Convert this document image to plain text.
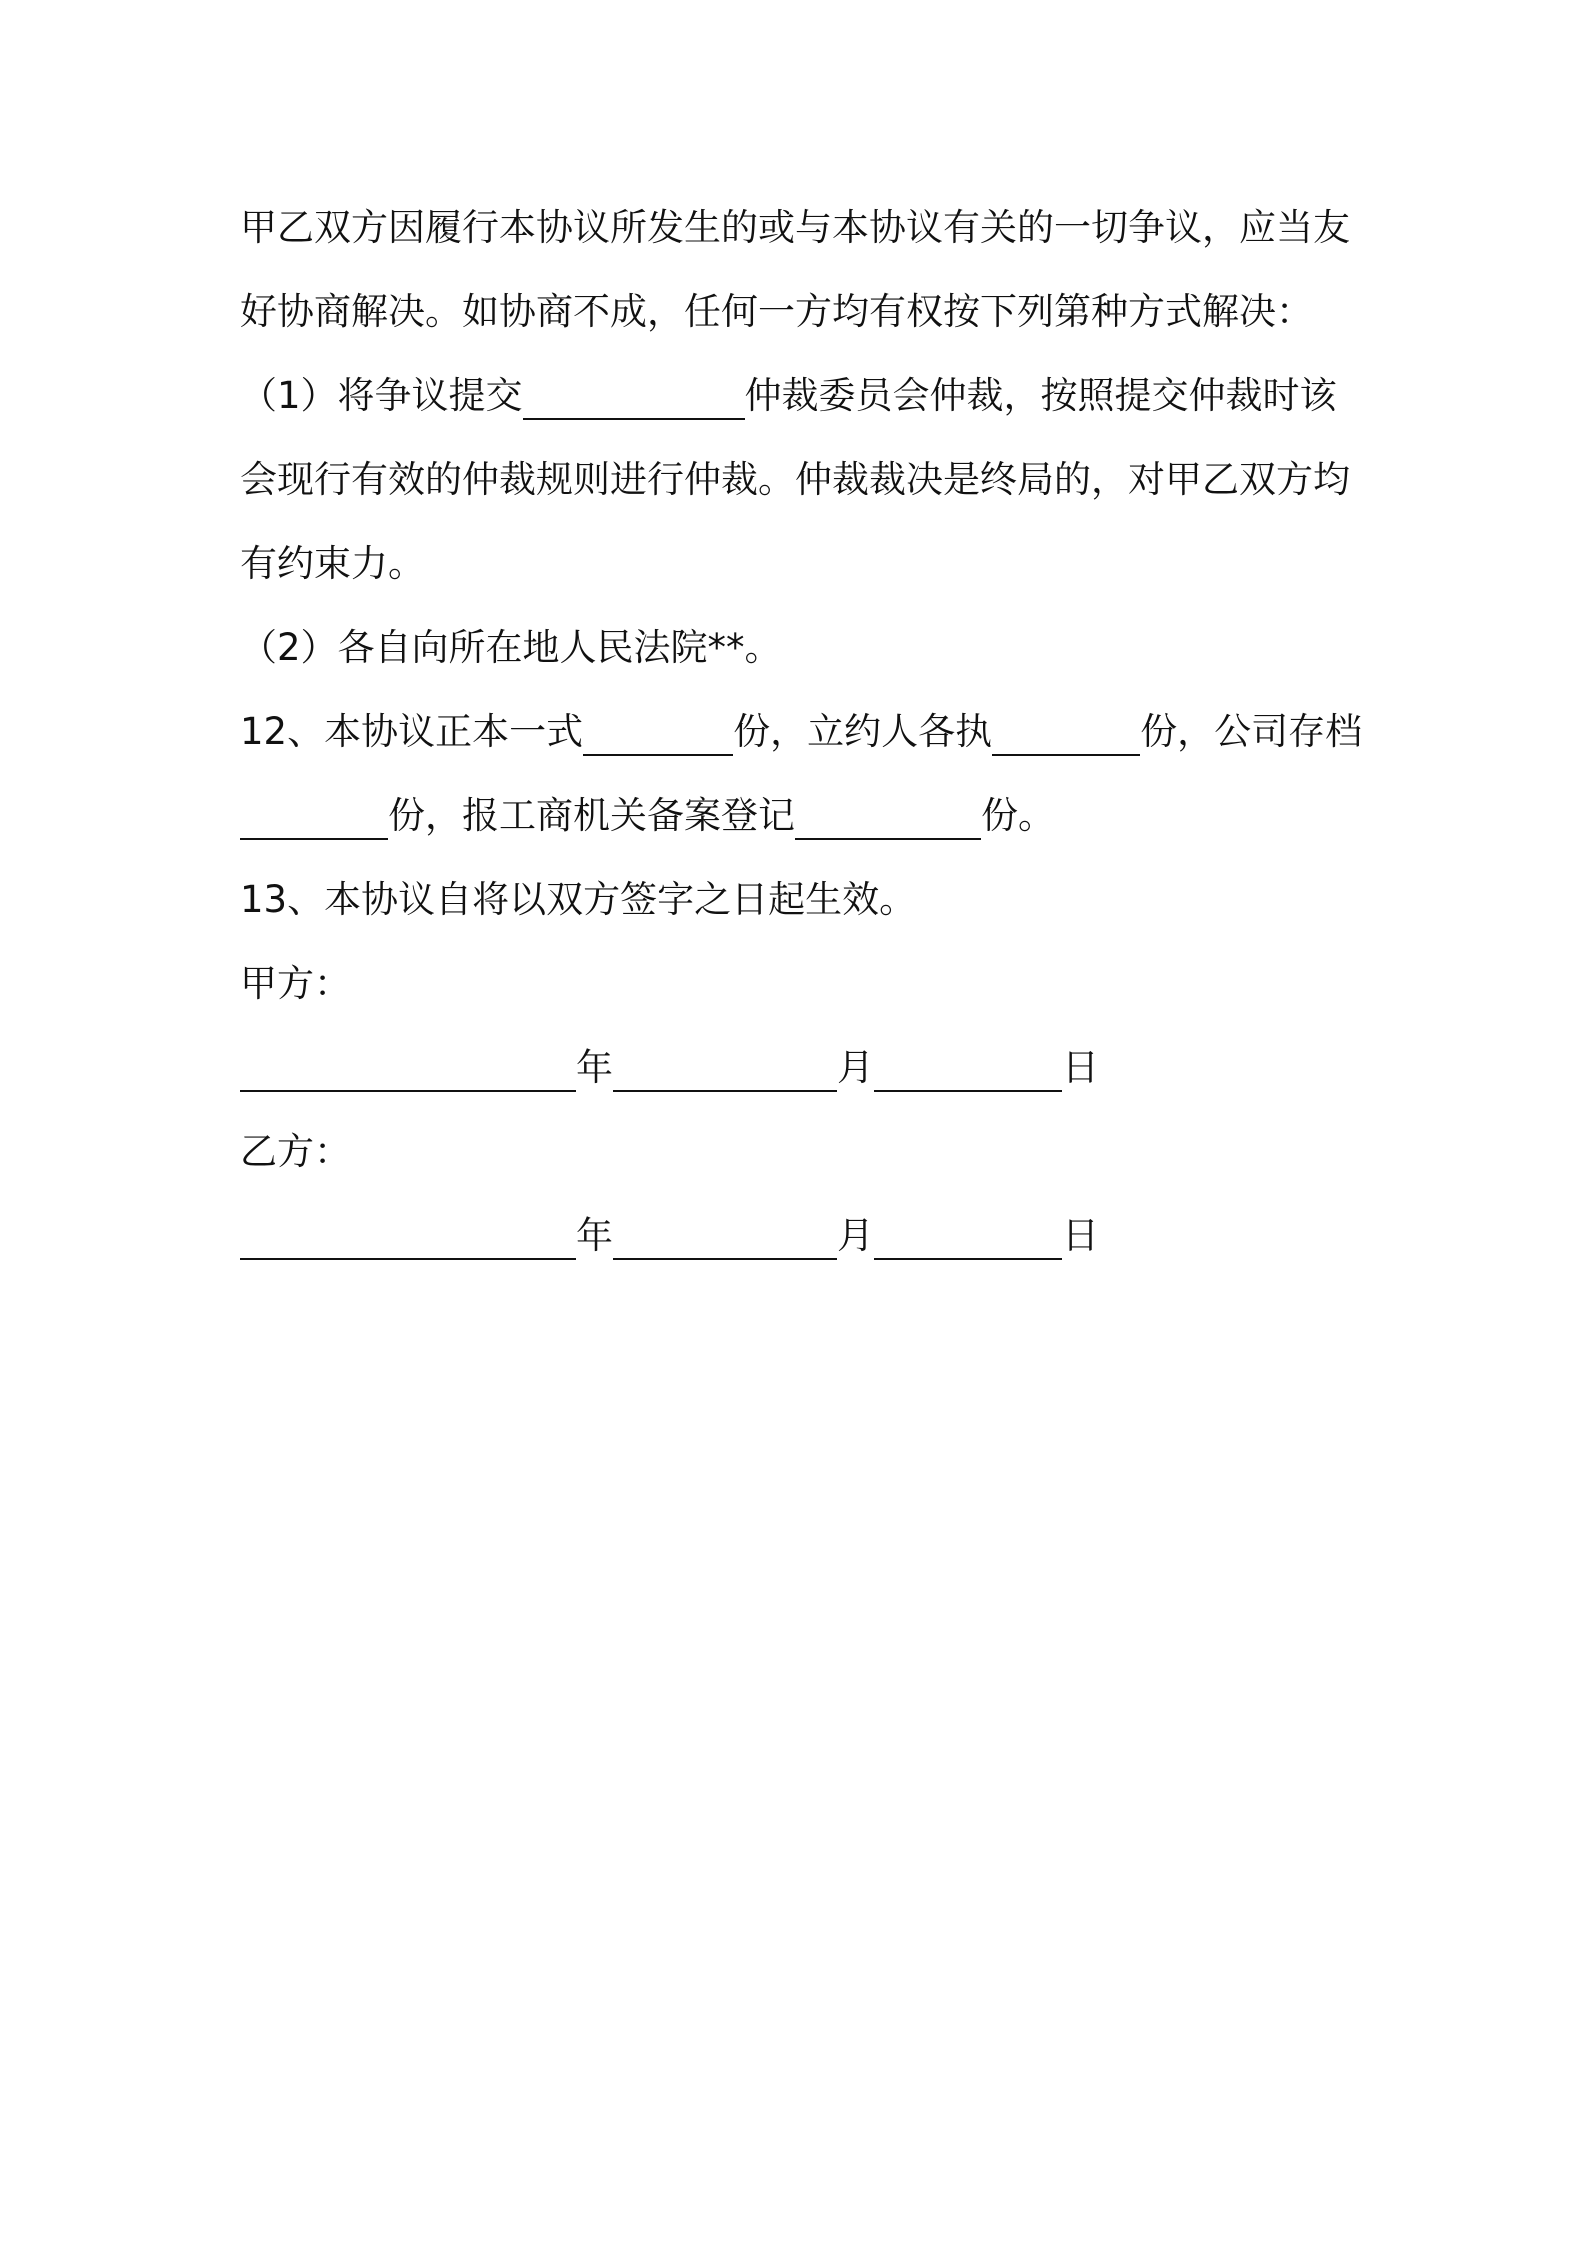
甲乙双方因履行本协议所发生的或与本协议有关的一切争议，应当友
好协商解决。如协商不成，任何一方均有权按下列第种方式解决：
（1）将争议提交	仲裁委员会仲裁，按照提交仲裁时该
会现行有效的仲裁规则进行仲裁。仲裁裁决是终局的，对甲乙双方均
有约束力。
（2）各自向所在地人民法院**。
12、本协议正本一式	份，立约人各执	份，公司存档
份，报工商机关备案登记	份。
13、本协议自将以双方签字之日起生效。
甲方：
年	月	日
乙方：
年	月	日
